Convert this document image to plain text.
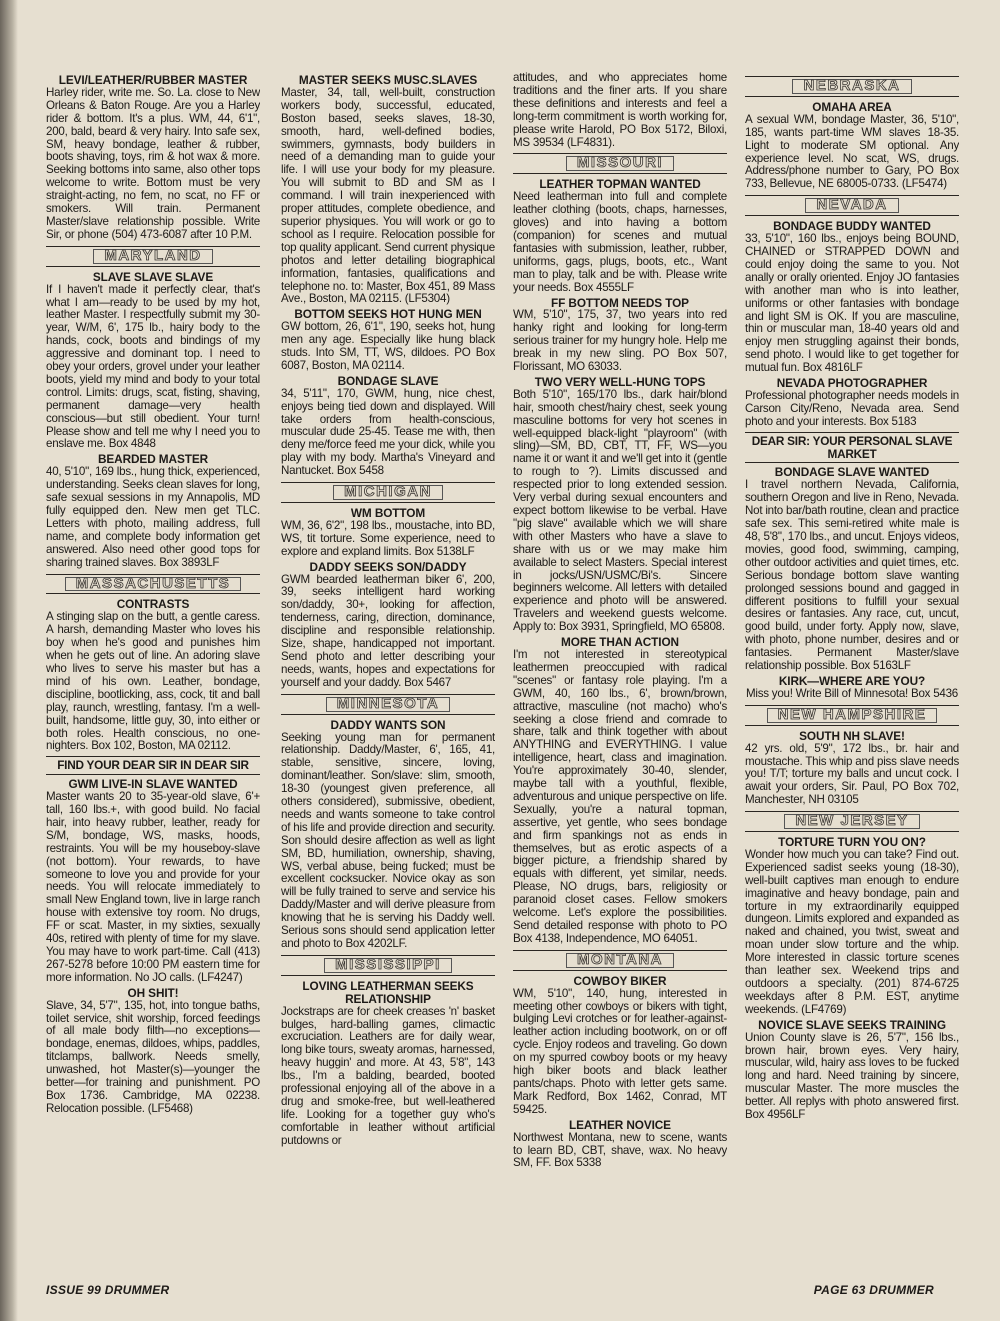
LEVI/LEATHER/RUBBER MASTER
Harley rider, write me. So. La. close to New Orleans & Baton Rouge. Are you a Harley rider & bottom. It's a plus. WM, 44, 6'1", 200, bald, beard & very hairy. Into safe sex, SM, heavy bondage, leather & rubber, boots shaving, toys, rim & hot wax & more. Seeking bottoms into same, also other tops welcome to write. Bottom must be very straight-acting, no fem, no scat, no FF or smokers. Will train. Permanent Master/slave relationship possible. Write Sir, or phone (504) 473-6087 after 10 P.M.
MARYLAND
SLAVE SLAVE SLAVE
If I haven't made it perfectly clear, that's what I am—ready to be used by my hot, leather Master. I respectfully submit my 30-year, W/M, 6', 175 lb., hairy body to the hands, cock, boots and bindings of my aggressive and dominant top. I need to obey your orders, grovel under your leather boots, yield my mind and body to your total control. Limits: drugs, scat, fisting, shaving, permanent damage—very health conscious—but still obedient. Your turn! Please show and tell me why I need you to enslave me. Box 4848
BEARDED MASTER
40, 5'10", 169 lbs., hung thick, experienced, understanding. Seeks clean slaves for long, safe sexual sessions in my Annapolis, MD fully equipped den. New men get TLC. Letters with photo, mailing address, full name, and complete body information get answered. Also need other good tops for sharing trained slaves. Box 3893LF
MASSACHUSETTS
CONTRASTS
A stinging slap on the butt, a gentle caress. A harsh, demanding Master who loves his boy when he's good and punishes him when he gets out of line. An adoring slave who lives to serve his master but has a mind of his own. Leather, bondage, discipline, bootlicking, ass, cock, tit and ball play, raunch, wrestling, fantasy. I'm a well-built, handsome, little guy, 30, into either or both roles. Health conscious, no one-nighters. Box 102, Boston, MA 02112.
FIND YOUR DEAR SIR IN DEAR SIR
GWM LIVE-IN SLAVE WANTED
Master wants 20 to 35-year-old slave, 6'+ tall, 160 lbs.+, with good build. No facial hair, into heavy rubber, leather, ready for S/M, bondage, WS, masks, hoods, restraints. You will be my houseboy-slave (not bottom). Your rewards, to have someone to love you and provide for your needs. You will relocate immediately to small New England town, live in large ranch house with extensive toy room. No drugs, FF or scat. Master, in my sixties, sexually 40s, retired with plenty of time for my slave. You may have to work part-time. Call (413) 267-5278 before 10:00 PM eastern time for more information. No JO calls. (LF4247)
OH SHIT!
Slave, 34, 5'7", 135, hot, into tongue baths, toilet service, shit worship, forced feedings of all male body filth—no exceptions—bondage, enemas, dildoes, whips, paddles, titclamps, ballwork. Needs smelly, unwashed, hot Master(s)—younger the better—for training and punishment. PO Box 1736. Cambridge, MA 02238. Relocation possible. (LF5468)
MASTER SEEKS MUSC.SLAVES
Master, 34, tall, well-built, construction workers body, successful, educated, Boston based, seeks slaves, 18-30, smooth, hard, well-defined bodies, swimmers, gymnasts, body builders in need of a demanding man to guide your life. I will use your body for my pleasure. You will submit to BD and SM as I command. I will train inexperienced with proper attitudes, complete obedience, and superior physiques. You will work or go to school as I require. Relocation possible for top quality applicant. Send current physique photos and letter detailing biographical information, fantasies, qualifications and telephone no. to: Master, Box 451, 89 Mass Ave., Boston, MA 02115. (LF5304)
BOTTOM SEEKS HOT HUNG MEN
GW bottom, 26, 6'1", 190, seeks hot, hung men any age. Especially like hung black studs. Into SM, TT, WS, dildoes. PO Box 6087, Boston, MA 02114.
BONDAGE SLAVE
34, 5'11", 170, GWM, hung, nice chest, enjoys being tied down and displayed. Will take orders from health-conscious, muscular dude 25-45. Tease me with, then deny me/force feed me your dick, while you play with my body. Martha's Vineyard and Nantucket. Box 5458
MICHIGAN
WM BOTTOM
WM, 36, 6'2", 198 lbs., moustache, into BD, WS, tit torture. Some experience, need to explore and expland limits. Box 5138LF
DADDY SEEKS SON/DADDY
GWM bearded leatherman biker 6', 200, 39, seeks intelligent hard working son/daddy, 30+, looking for affection, tenderness, caring, direction, dominance, discipline and responsible relationship. Size, shape, handicapped not important. Send photo and letter describing your needs, wants, hopes and expectations for yourself and your daddy. Box 5467
MINNESOTA
DADDY WANTS SON
Seeking young man for permanent relationship. Daddy/Master, 6', 165, 41, stable, sensitive, sincere, loving, dominant/leather. Son/slave: slim, smooth, 18-30 (youngest given preference, all others considered), submissive, obedient, needs and wants someone to take control of his life and provide direction and security. Son should desire affection as well as light SM, BD, humiliation, ownership, shaving, WS, verbal abuse, being fucked; must be excellent cocksucker. Novice okay as son will be fully trained to serve and service his Daddy/Master and will derive pleasure from knowing that he is serving his Daddy well. Serious sons should send application letter and photo to Box 4202LF.
MISSISSIPPI
LOVING LEATHERMAN SEEKS RELATIONSHIP
Jockstraps are for cheek creases 'n' basket bulges, hard-balling games, climactic excruciation. Leathers are for daily wear, long bike tours, sweaty aromas, harnessed, heavy huggin' and more. At 43, 5'8", 143 lbs., I'm a balding, bearded, booted professional enjoying all of the above in a drug and smoke-free, but well-leathered life. Looking for a together guy who's comfortable in leather without artificial putdowns or
attitudes, and who appreciates home traditions and the finer arts. If you share these definitions and interests and feel a long-term commitment is worth working for, please write Harold, PO Box 5172, Biloxi, MS 39534 (LF4831).
MISSOURI
LEATHER TOPMAN WANTED
Need leatherman into full and complete leather clothing (boots, chaps, harnesses, gloves) and into having a bottom (companion) for scenes and mutual fantasies with submission, leather, rubber, uniforms, gags, plugs, boots, etc., Want man to play, talk and be with. Please write your needs. Box 4555LF
FF BOTTOM NEEDS TOP
WM, 5'10", 175, 37, two years into red hanky right and looking for long-term serious trainer for my hungry hole. Help me break in my new sling. PO Box 507, Florissant, MO 63033.
TWO VERY WELL-HUNG TOPS
Both 5'10", 165/170 lbs., dark hair/blond hair, smooth chest/hairy chest, seek young masculine bottoms for very hot scenes in well-equipped black-light "playroom" (with sling)—SM, BD, CBT, TT, FF, WS—you name it or want it and we'll get into it (gentle to rough to ?). Limits discussed and respected prior to long extended session. Very verbal during sexual encounters and expect bottom likewise to be verbal. Have "pig slave" available which we will share with other Masters who have a slave to share with us or we may make him available to select Masters. Special interest in jocks/USN/USMC/Bi's. Sincere beginners welcome. All letters with detailed experience and photo will be answered. Travelers and weekend guests welcome. Apply to: Box 3931, Springfield, MO 65808.
MORE THAN ACTION
I'm not interested in stereotypical leathermen preoccupied with radical "scenes" or fantasy role playing. I'm a GWM, 40, 160 lbs., 6', brown/brown, attractive, masculine (not macho) who's seeking a close friend and comrade to share, talk and think together with about ANYTHING and EVERYTHING. I value intelligence, heart, class and imagination. You're approximately 30-40, slender, maybe tall with a youthful, flexible, adventurous and unique perspective on life. Sexually, you're a natural topman, assertive, yet gentle, who sees bondage and firm spankings not as ends in themselves, but as erotic aspects of a bigger picture, a friendship shared by equals with different, yet similar, needs. Please, NO drugs, bars, religiosity or paranoid closet cases. Fellow smokers welcome. Let's explore the possibilities. Send detailed response with photo to PO Box 4138, Independence, MO 64051.
MONTANA
COWBOY BIKER
WM, 5'10", 140, hung, interested in meeting other cowboys or bikers with tight, bulging Levi crotches or for leather-against-leather action including bootwork, on or off cycle. Enjoy rodeos and traveling. Go down on my spurred cowboy boots or my heavy high biker boots and black leather pants/chaps. Photo with letter gets same. Mark Redford, Box 1462, Conrad, MT 59425.
LEATHER NOVICE
Northwest Montana, new to scene, wants to learn BD, CBT, shave, wax. No heavy SM, FF. Box 5338
NEBRASKA
OMAHA AREA
A sexual WM, bondage Master, 36, 5'10", 185, wants part-time WM slaves 18-35. Light to moderate SM optional. Any experience level. No scat, WS, drugs. Address/phone number to Gary, PO Box 733, Bellevue, NE 68005-0733. (LF5474)
NEVADA
BONDAGE BUDDY WANTED
33, 5'10", 160 lbs., enjoys being BOUND, CHAINED or STRAPPED DOWN and could enjoy doing the same to you. Not anally or orally oriented. Enjoy JO fantasies with another man who is into leather, uniforms or other fantasies with bondage and light SM is OK. If you are masculine, thin or muscular man, 18-40 years old and enjoy men struggling against their bonds, send photo. I would like to get together for mutual fun. Box 4816LF
NEVADA PHOTOGRAPHER
Professional photographer needs models in Carson City/Reno, Nevada area. Send photo and your interests. Box 5183
DEAR SIR: YOUR PERSONAL SLAVE MARKET
BONDAGE SLAVE WANTED
I travel northern Nevada, California, southern Oregon and live in Reno, Nevada. Not into bar/bath routine, clean and practice safe sex. This semi-retired white male is 48, 5'8", 170 lbs., and uncut. Enjoys videos, movies, good food, swimming, camping, other outdoor activities and quiet times, etc. Serious bondage bottom slave wanting prolonged sessions bound and gagged in different positions to fulfill your sexual desires or fantasies. Any race, cut, uncut, good build, under forty. Apply now, slave, with photo, phone number, desires and or fantasies. Permanent Master/slave relationship possible. Box 5163LF
KIRK—WHERE ARE YOU?
Miss you! Write Bill of Minnesota! Box 5436
NEW HAMPSHIRE
SOUTH NH SLAVE!
42 yrs. old, 5'9", 172 lbs., br. hair and moustache. This whip and piss slave needs you! T/T; torture my balls and uncut cock. I await your orders, Sir. Paul, PO Box 702, Manchester, NH 03105
NEW JERSEY
TORTURE TURN YOU ON?
Wonder how much you can take? Find out. Experienced sadist seeks young (18-30), well-built captives man enough to endure imaginative and heavy bondage, pain and torture in my extraordinarily equipped dungeon. Limits explored and expanded as naked and chained, you twist, sweat and moan under slow torture and the whip. More interested in classic torture scenes than leather sex. Weekend trips and outdoors a specialty. (201) 874-6725 weekdays after 8 P.M. EST, anytime weekends. (LF4769)
NOVICE SLAVE SEEKS TRAINING
Union County slave is 26, 5'7", 156 lbs., brown hair, brown eyes. Very hairy, muscular, wild, hairy ass loves to be fucked long and hard. Need training by sincere, muscular Master. The more muscles the better. All replys with photo answered first. Box 4956LF
ISSUE 99 DRUMMER	PAGE 63 DRUMMER
